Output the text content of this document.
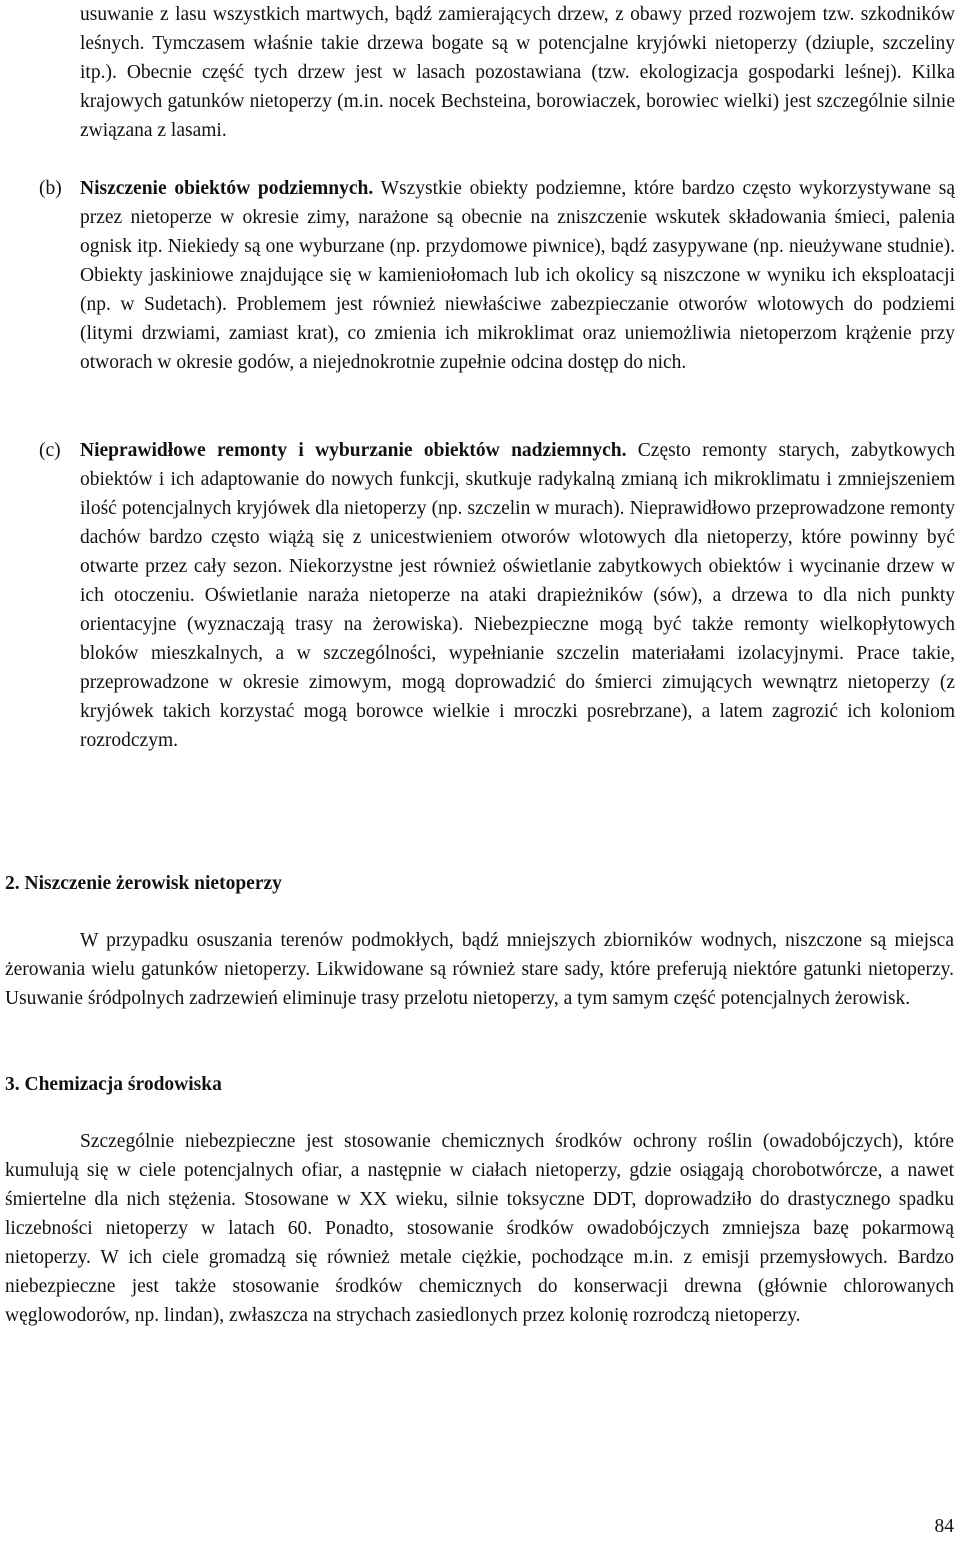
usuwanie z lasu wszystkich martwych, bądź zamierających drzew, z obawy przed rozwojem tzw. szkodników leśnych. Tymczasem właśnie takie drzewa bogate są w potencjalne kryjówki nietoperzy (dziuple, szczeliny itp.). Obecnie część tych drzew jest w lasach pozostawiana (tzw. ekologizacja gospodarki leśnej). Kilka krajowych gatunków nietoperzy (m.in. nocek Bechsteina, borowiaczek, borowiec wielki) jest szczególnie silnie związana z lasami.

(b) Niszczenie obiektów podziemnych. Wszystkie obiekty podziemne, które bardzo często wykorzystywane są przez nietoperze w okresie zimy, narażone są obecnie na zniszczenie wskutek składowania śmieci, palenia ognisk itp. Niekiedy są one wyburzane (np. przydomowe piwnice), bądź zasypywane (np. nieużywane studnie). Obiekty jaskiniowe znajdujące się w kamieniołomach lub ich okolicy są niszczone w wyniku ich eksploatacji (np. w Sudetach). Problemem jest również niewłaściwe zabezpieczanie otworów wlotowych do podziemi (litymi drzwiami, zamiast krat), co zmienia ich mikroklimat oraz uniemożliwia nietoperzom krążenie przy otworach w okresie godów, a niejednokrotnie zupełnie odcina dostęp do nich.
(c) Nieprawidłowe remonty i wyburzanie obiektów nadziemnych. Często remonty starych, zabytkowych obiektów i ich adaptowanie do nowych funkcji, skutkuje radykalną zmianą ich mikroklimatu i zmniejszeniem ilość potencjalnych kryjówek dla nietoperzy (np. szczelin w murach). Nieprawidłowo przeprowadzone remonty dachów bardzo często wiążą się z unicestwieniem otworów wlotowych dla nietoperzy, które powinny być otwarte przez cały sezon. Niekorzystne jest również oświetlanie zabytkowych obiektów i wycinanie drzew w ich otoczeniu. Oświetlanie naraża nietoperze na ataki drapieżników (sów), a drzewa to dla nich punkty orientacyjne (wyznaczają trasy na żerowiska). Niebezpieczne mogą być także remonty wielkopłytowych bloków mieszkalnych, a w szczególności, wypełnianie szczelin materiałami izolacyjnymi. Prace takie, przeprowadzone w okresie zimowym, mogą doprowadzić do śmierci zimujących wewnątrz nietoperzy (z kryjówek takich korzystać mogą borowce wielkie i mroczki posrebrzane), a latem zagrozić ich koloniom rozrodczym.
2. Niszczenie żerowisk nietoperzy

W przypadku osuszania terenów podmokłych, bądź mniejszych zbiorników wodnych, niszczone są miejsca żerowania wielu gatunków nietoperzy. Likwidowane są również stare sady, które preferują niektóre gatunki nietoperzy. Usuwanie śródpolnych zadrzewień eliminuje trasy przelotu nietoperzy, a tym samym część potencjalnych żerowisk.

3. Chemizacja środowiska

Szczególnie niebezpieczne jest stosowanie chemicznych środków ochrony roślin (owadobójczych), które kumulują się w ciele potencjalnych ofiar, a następnie w ciałach nietoperzy, gdzie osiągają chorobotwórcze, a nawet śmiertelne dla nich stężenia. Stosowane w XX wieku, silnie toksyczne DDT, doprowadziło do drastycznego spadku liczebności nietoperzy w latach 60. Ponadto, stosowanie środków owadobójczych zmniejsza bazę pokarmową nietoperzy. W ich ciele gromadzą się również metale ciężkie, pochodzące m.in. z emisji przemysłowych. Bardzo niebezpieczne jest także stosowanie środków chemicznych do konserwacji drewna (głównie chlorowanych węglowodorów, np. lindan), zwłaszcza na strychach zasiedlonych przez kolonię rozrodczą nietoperzy.

84
